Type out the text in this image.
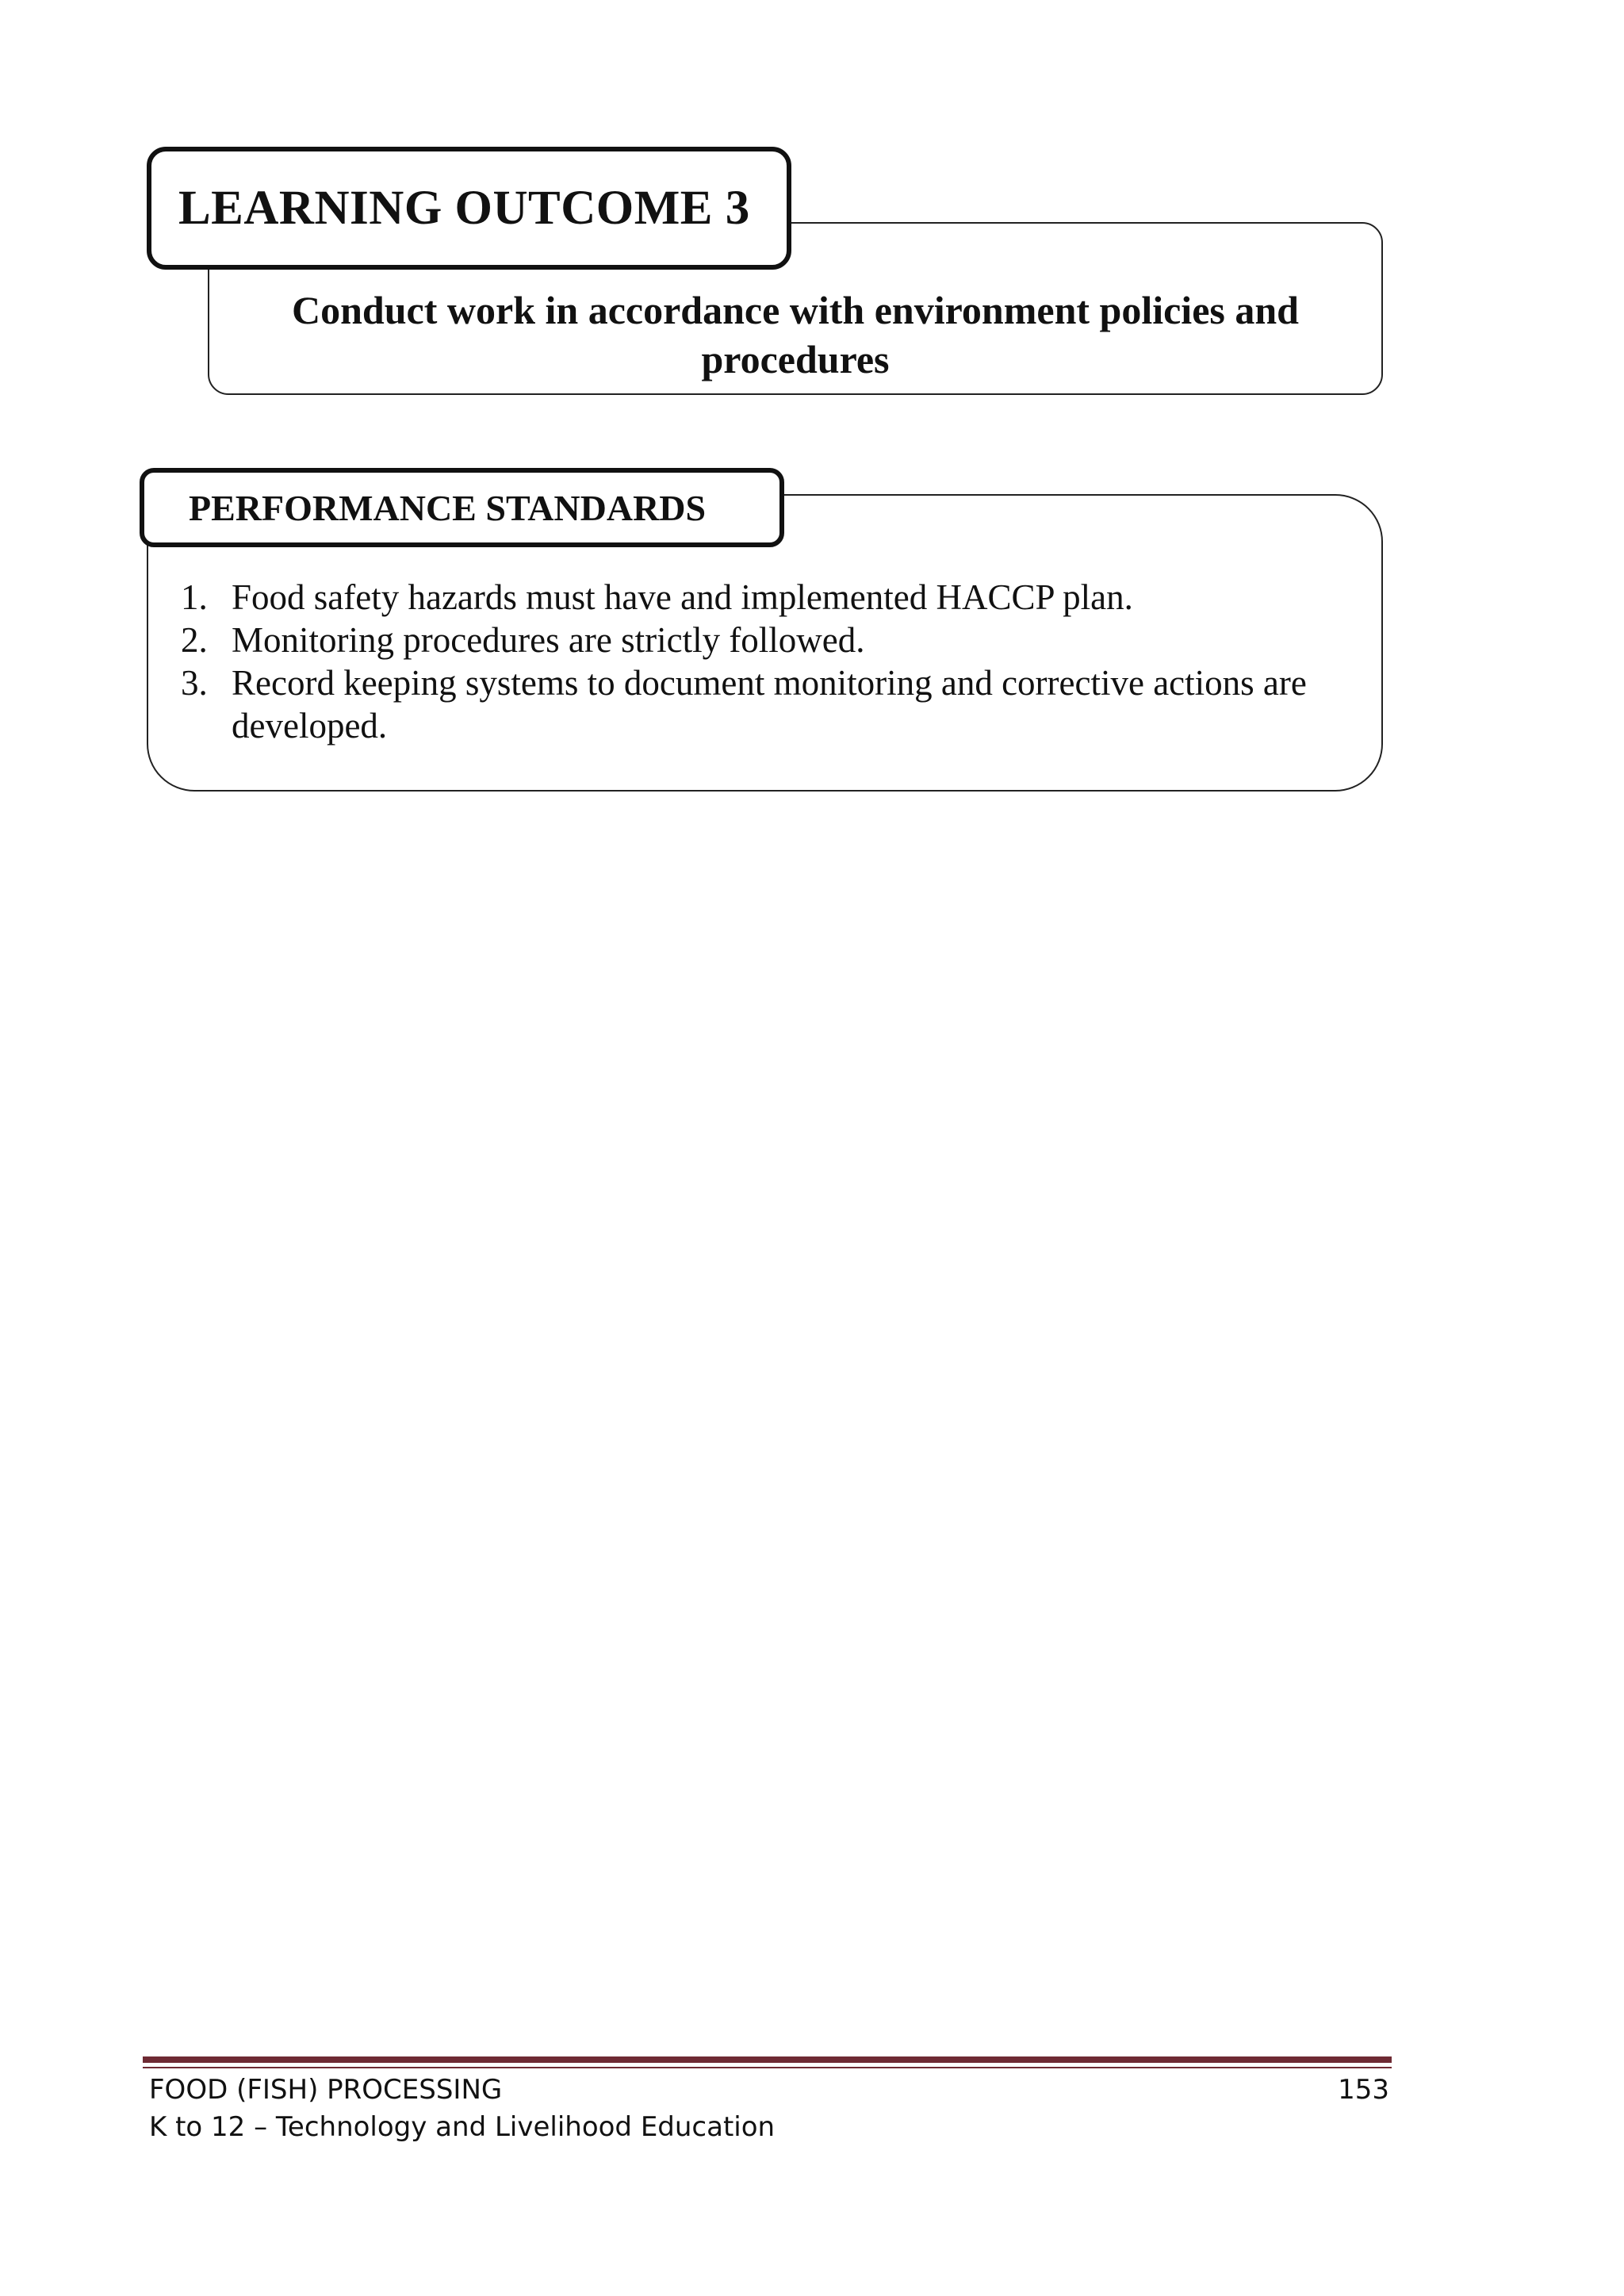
Conduct work in accordance with environment policies and procedures
LEARNING OUTCOME 3
PERFORMANCE STANDARDS
1. Food safety hazards must have and implemented HACCP plan.
2. Monitoring procedures are strictly followed.
3. Record keeping systems to document monitoring and corrective actions are developed.
FOOD (FISH) PROCESSING	153
K to 12 – Technology and Livelihood Education
